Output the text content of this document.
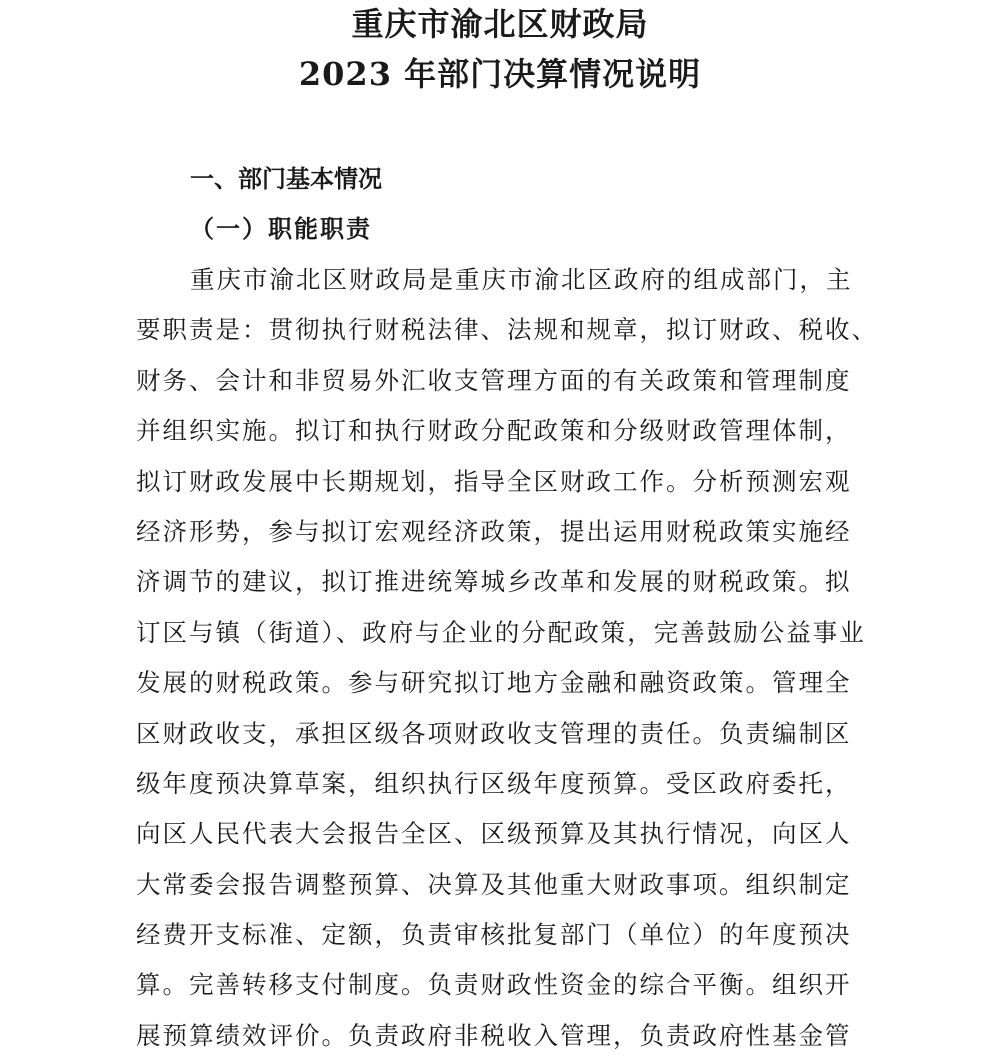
重庆市渝北区财政局
2023 年部门决算情况说明
一、部门基本情况
（一）职能职责
重庆市渝北区财政局是重庆市渝北区政府的组成部门，主
要职责是：贯彻执行财税法律、法规和规章，拟订财政、税收、
财务、会计和非贸易外汇收支管理方面的有关政策和管理制度
并组织实施。拟订和执行财政分配政策和分级财政管理体制，
拟订财政发展中长期规划，指导全区财政工作。分析预测宏观
经济形势，参与拟订宏观经济政策，提出运用财税政策实施经
济调节的建议，拟订推进统筹城乡改革和发展的财税政策。拟
订区与镇（街道）、政府与企业的分配政策，完善鼓励公益事业
发展的财税政策。参与研究拟订地方金融和融资政策。管理全
区财政收支，承担区级各项财政收支管理的责任。负责编制区
级年度预决算草案，组织执行区级年度预算。受区政府委托，
向区人民代表大会报告全区、区级预算及其执行情况，向区人
大常委会报告调整预算、决算及其他重大财政事项。组织制定
经费开支标准、定额，负责审核批复部门（单位）的年度预决
算。完善转移支付制度。负责财政性资金的综合平衡。组织开
展预算绩效评价。负责政府非税收入管理，负责政府性基金管
